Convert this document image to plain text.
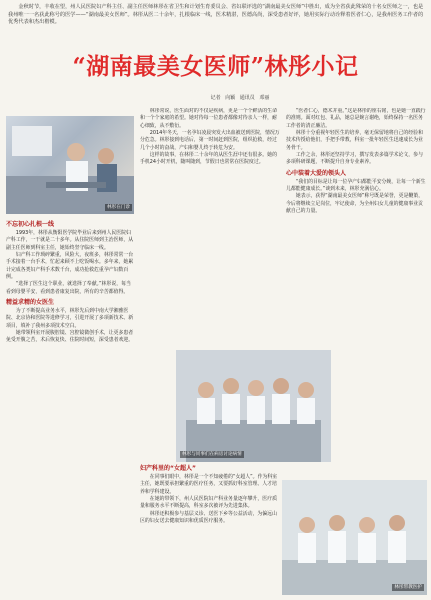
金秋时节，丰收在望，州人民医院妇产科主任、副主任医师林彤在省卫生和计划生育委员会、省妇联评选的“湖南最美女医师”中胜出，成为全省获此殊荣的十名女医师之一，也是我州唯一一名获此称号的医学——“湖南最美女医师”。林彤从医二十余年，扎根临床一线，医术精湛，医德高尚，深受患者好评，她用实际行动诠释着医者仁心，是我州医务工作者的优秀代表和杰出楷模。

“湖南最美女医师”林彤小记
记者 向颖 通讯员 邓丽
林彤在门诊
不忘初心扎根一线

1993年，林彤从衡阳医学院毕业后来到州人民医院妇产科工作，一干就是二十多年。从住院医师到主治医师，从副主任医师到科室主任，她始终坚守临床一线。

妇产科工作琐碎繁重，风险大，夜班多，林彤常常一台手术接着一台手术，忙起来顾不上吃饭喝水。多年来，她累计完成各类妇产科手术数千台，成功抢救危重孕产妇数百例。

“选择了医生这个职业，就选择了奉献。”林彤说，每当看到母婴平安，看到患者康复出院，所有的辛苦都值得。

精益求精的女医生

为了不断提高业务水平，林彤先后到中南大学湘雅医院、北京协和医院等进修学习，引进开展了多项新技术、新项目，填补了我州多项技术空白。

她带领科室开展腹腔镜、宫腔镜微创手术，让更多患者免受开腹之苦，术后恢复快、住院时间短，深受患者欢迎。

林彤常说，医生面对的不仅是疾病，更是一个个鲜活的生命和一个个家庭的希望。她对待每一位患者都像对待亲人一样，耐心细致，从不敷衍。

2014年冬天，一名孕妇凌晨突发大出血被送到医院，情况万分危急。林彤接到电话后，第一时间赶到医院，组织抢救，经过几个小时的奋战，产妇和婴儿终于转危为安。

这样的故事，在林彤二十余年的从医生涯中还有很多。她的手机24小时开机，随叫随到，节假日也常常在医院度过。

林彤与同事们在病房讨论病情
妇产科里的“女超人”

在同事们眼中，林彤是一个不知疲倦的“女超人”。作为科室主任，她既要承担繁重的医疗任务，又要抓好科室管理、人才培养和学科建设。

在她的带领下，州人民医院妇产科业务量逐年攀升，医疗质量和服务水平不断提高，科室多次被评为先进集体。

林彤还积极参与基层义诊、送医下乡等公益活动，为偏远山区的妇女送去健康知识和优质医疗服务。

“医者仁心，德术并重。”这是林彤的座右铭，也是她一直践行的准则。面对红包、礼品，她总是婉言谢绝，始终保持一名医务工作者的清正廉洁。

林彤十分重视年轻医生的培养，毫无保留地将自己的经验和技术传授给他们，手把手带教，科室一批年轻医生迅速成长为业务骨干。

工作之余，林彤还坚持学习，撰写发表多篇学术论文，参与多项科研课题，不断提升自身专业素养。

心中装着大爱的领头人

“我们的目标是让每一位孕产妇都能平安分娩，让每一个新生儿都能健康成长。”谈到未来，林彤充满信心。

她表示，获得“湖南最美女医师”称号既是荣誉，更是鞭策，今后将继续立足岗位，牢记使命，为全州妇女儿童的健康事业贡献自己的力量。

林彤带教医护
